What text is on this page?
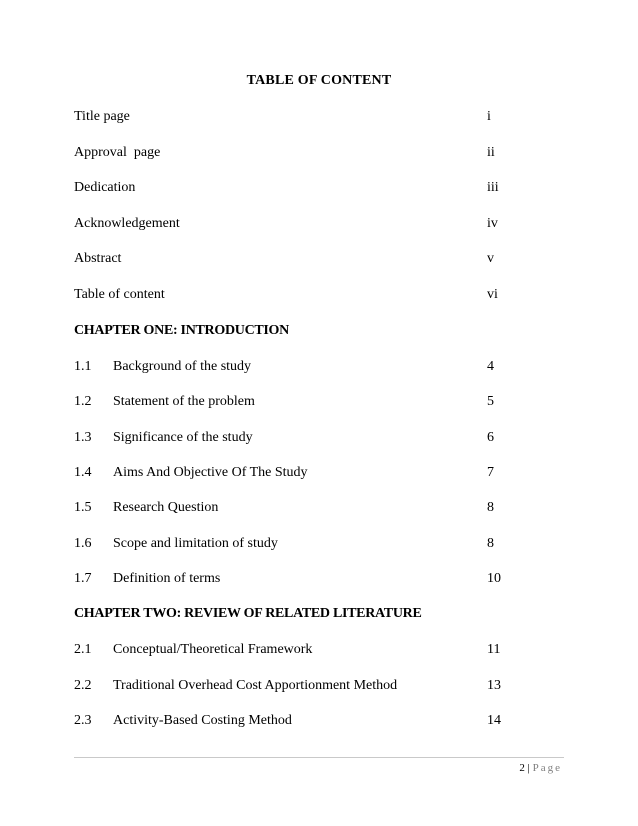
TABLE OF CONTENT
Title page	i
Approval  page	ii
Dedication	iii
Acknowledgement	iv
Abstract	v
Table of content	vi
CHAPTER ONE: INTRODUCTION
1.1 Background of the study	4
1.2 Statement of the problem	5
1.3 Significance of the study	6
1.4 Aims And Objective Of The Study	7
1.5 Research Question	8
1.6 Scope and limitation of study	8
1.7 Definition of terms	10
CHAPTER TWO: REVIEW OF RELATED LITERATURE
2.1 Conceptual/Theoretical Framework	11
2.2 Traditional Overhead Cost Apportionment Method	13
2.3 Activity-Based Costing Method	14
2 | Page
